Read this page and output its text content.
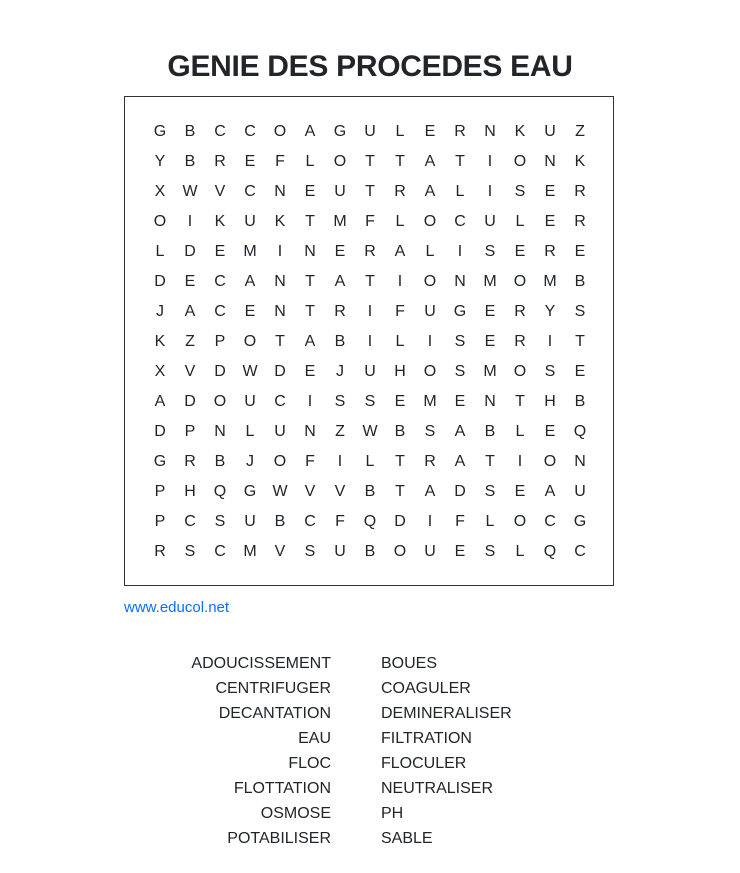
GENIE DES PROCEDES EAU
G	B	C	C	O	A	G	U	L	E	R	N	K	U	Z
Y	B	R	E	F	L	O	T	T	A	T	I	O	N	K
X	W	V	C	N	E	U	T	R	A	L	I	S	E	R
O	I	K	U	K	T	M	F	L	O	C	U	L	E	R
L	D	E	M	I	N	E	R	A	L	I	S	E	R	E
D	E	C	A	N	T	A	T	I	O	N	M	O	M	B
J	A	C	E	N	T	R	I	F	U	G	E	R	Y	S
K	Z	P	O	T	A	B	I	L	I	S	E	R	I	T
X	V	D	W	D	E	J	U	H	O	S	M	O	S	E
A	D	O	U	C	I	S	S	E	M	E	N	T	H	B
D	P	N	L	U	N	Z	W	B	S	A	B	L	E	Q
G	R	B	J	O	F	I	L	T	R	A	T	I	O	N
P	H	Q	G	W	V	V	B	T	A	D	S	E	A	U
P	C	S	U	B	C	F	Q	D	I	F	L	O	C	G
R	S	C	M	V	S	U	B	O	U	E	S	L	Q	C
www.educol.net
ADOUCISSEMENT	BOUES
CENTRIFUGER	COAGULER
DECANTATION	DEMINERALISER
EAU	FILTRATION
FLOC	FLOCULER
FLOTTATION	NEUTRALISER
OSMOSE	PH
POTABILISER	SABLE
